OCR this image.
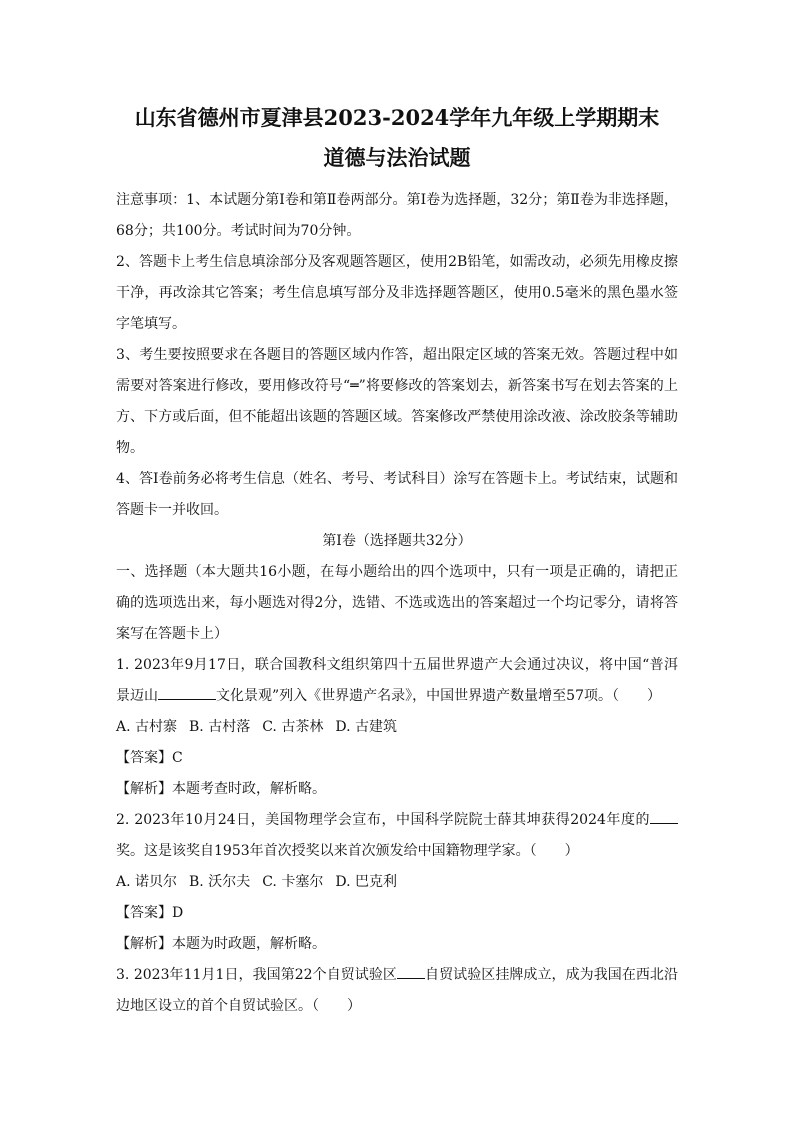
山东省德州市夏津县2023-2024学年九年级上学期期末
道德与法治试题

注意事项：1、本试题分第Ⅰ卷和第Ⅱ卷两部分。第Ⅰ卷为选择题，32分；第Ⅱ卷为非选择题，68分；共100分。考试时间为70分钟。

2、答题卡上考生信息填涂部分及客观题答题区，使用2B铅笔，如需改动，必须先用橡皮擦干净，再改涂其它答案；考生信息填写部分及非选择题答题区，使用0.5毫米的黑色墨水签字笔填写。

3、考生要按照要求在各题目的答题区域内作答，超出限定区域的答案无效。答题过程中如需要对答案进行修改，要用修改符号“═”将要修改的答案划去，新答案书写在划去答案的上方、下方或后面，但不能超出该题的答题区域。答案修改严禁使用涂改液、涂改胶条等辅助物。

4、答Ⅰ卷前务必将考生信息（姓名、考号、考试科目）涂写在答题卡上。考试结束，试题和答题卡一并收回。

第Ⅰ卷（选择题共32分）

一、选择题（本大题共16小题，在每小题给出的四个选项中，只有一项是正确的，请把正确的选项选出来，每小题选对得2分，选错、不选或选出的答案超过一个均记零分，请将答案写在答题卡上）

1. 2023年9月17日，联合国教科文组织第四十五届世界遗产大会通过决议，将中国“普洱景迈山	文化景观”列入《世界遗产名录》，中国世界遗产数量增至57项。（　　）

A. 古村寨 B. 古村落 C. 古茶林 D. 古建筑

【答案】C

【解析】本题考查时政，解析略。

2. 2023年10月24日，美国物理学会宣布，中国科学院院士薛其坤获得2024年度的奖。这是该奖自1953年首次授奖以来首次颁发给中国籍物理学家。（　　）

A. 诺贝尔 B. 沃尔夫 C. 卡塞尔 D. 巴克利

【答案】D

【解析】本题为时政题，解析略。

3. 2023年11月1日，我国第22个自贸试验区 自贸试验区挂牌成立，成为我国在西北沿边地区设立的首个自贸试验区。（　　）
